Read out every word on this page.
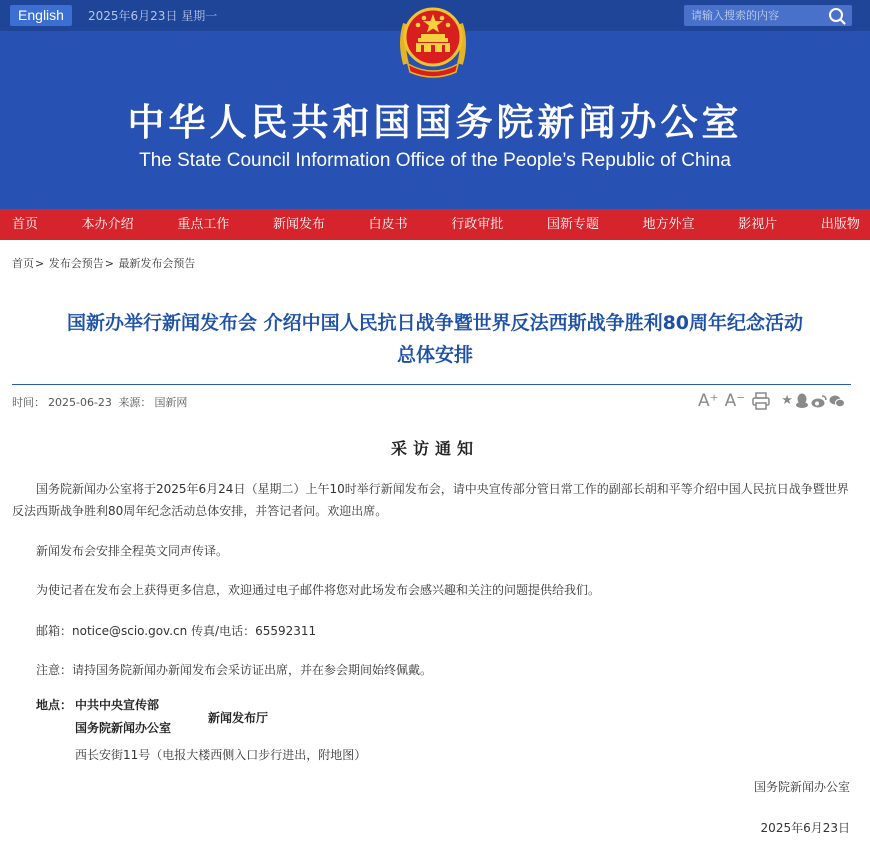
English	2025年6月23日 星期一
请输入搜索的内容
中华人民共和国国务院新闻办公室
The State Council Information Office of the People’s Republic of China
首页	本办介绍	重点工作	新闻发布	白皮书	行政审批	国新专题	地方外宣	影视片	出版物
首页> 发布会预告> 最新发布会预告
国新办举行新闻发布会 介绍中国人民抗日战争暨世界反法西斯战争胜利80周年纪念活动
总体安排
时间： 2025-06-23 来源： 国新网	A⁺ A⁻	★
采访通知
国务院新闻办公室将于2025年6月24日（星期二）上午10时举行新闻发布会，请中央宣传部分管日常工作的副部长胡和平等介绍中国人民抗日战争暨世界反法西斯战争胜利80周年纪念活动总体安排，并答记者问。欢迎出席。
新闻发布会安排全程英文同声传译。
为使记者在发布会上获得更多信息，欢迎通过电子邮件将您对此场发布会感兴趣和关注的问题提供给我们。
邮箱：notice@scio.gov.cn 传真/电话：65592311
注意：请持国务院新闻办新闻发布会采访证出席，并在参会期间始终佩戴。
地点： 中共中央宣传部
国务院新闻办公室
新闻发布厅
西长安街11号（电报大楼西侧入口步行进出，附地图）
国务院新闻办公室
2025年6月23日
